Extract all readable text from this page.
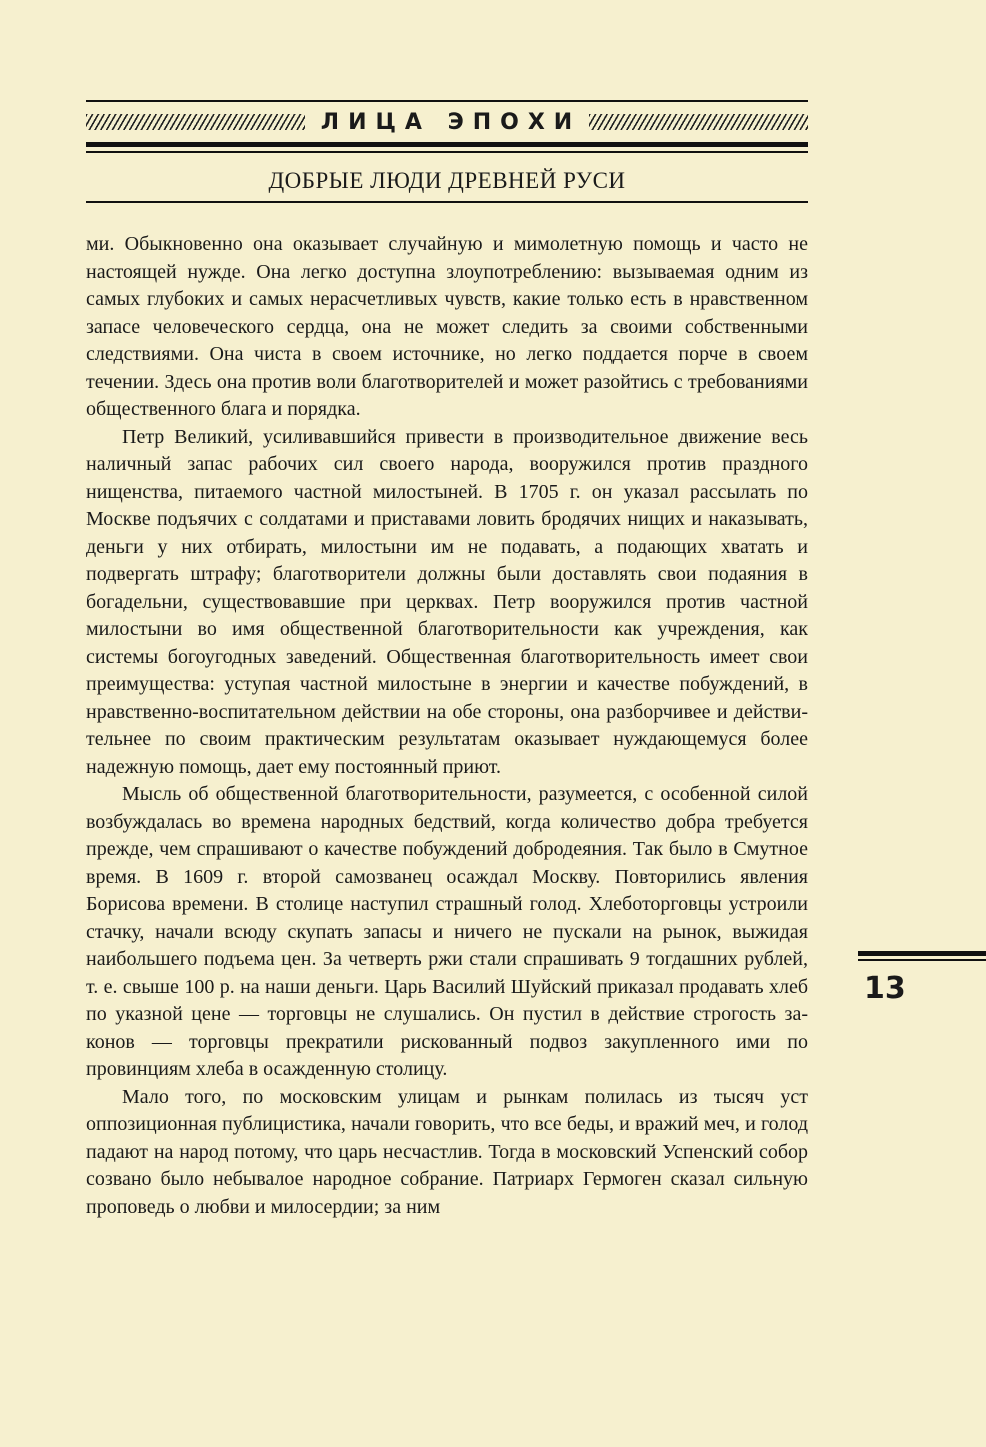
ЛИЦА ЭПОХИ
ДОБРЫЕ ЛЮДИ ДРЕВНЕЙ РУСИ

ми. Обыкновенно она оказывает случайную и мимолетную помощь и часто не настоящей нужде. Она легко доступна злоупотреблению: вызываемая одним из самых глубоких и самых нерасчетливых чувств, какие только есть в нравственном запасе человеческого сердца, она не может следить за своими собственными следствиями. Она чиста в своем источнике, но легко поддается порче в своем течении. Здесь она против воли благотворителей и может разойтись с требованиями общественного блага и порядка.

Петр Великий, усиливавшийся привести в производительное движение весь наличный запас рабочих сил своего народа, вооружился против праздного нищенства, питаемого частной милостыней. В 1705 г. он указал рассылать по Москве подъячих с солдатами и приставами ловить бродячих нищих и наказывать, деньги у них отбирать, милостыни им не подавать, а подающих хватать и подвергать штрафу; благотворители должны были доставлять свои подаяния в богадельни, существовавшие при церквах. Петр вооружился против частной милостыни во имя общественной благотворительности как учреждения, как системы богоугодных заведений. Общественная благотворительность имеет свои преимущества: уступая частной милостыне в энергии и качестве побуждений, в нравственно-воспитательном действии на обе стороны, она разборчивее и действительнее по своим практическим результатам оказывает нуждающемуся более надежную помощь, дает ему постоянный приют.

Мысль об общественной благотворительности, разумеется, с особенной силой возбуждалась во времена народных бедствий, когда количество добра требуется прежде, чем спрашивают о качестве побуждений добродеяния. Так было в Смутное время. В 1609 г. второй самозванец осаждал Москву. Повторились явления Борисова времени. В столице наступил страшный голод. Хлеботорговцы устроили стачку, начали всюду скупать запасы и ничего не пускали на рынок, выжидая наибольшего подъема цен. За четверть ржи стали спрашивать 9 тогдашних рублей, т. е. свыше 100 р. на наши деньги. Царь Василий Шуйский приказал продавать хлеб по указной цене — торговцы не слушались. Он пустил в действие строгость законов — торговцы прекратили рискованный подвоз закупленного ими по провинциям хлеба в осажденную столицу.

Мало того, по московским улицам и рынкам полилась из тысяч уст оппозиционная публицистика, начали говорить, что все беды, и вражий меч, и голод падают на народ потому, что царь несчастлив. Тогда в московский Успенский собор созвано было небывалое народное собрание. Патриарх Гермоген сказал сильную проповедь о любви и милосердии; за ним

13
